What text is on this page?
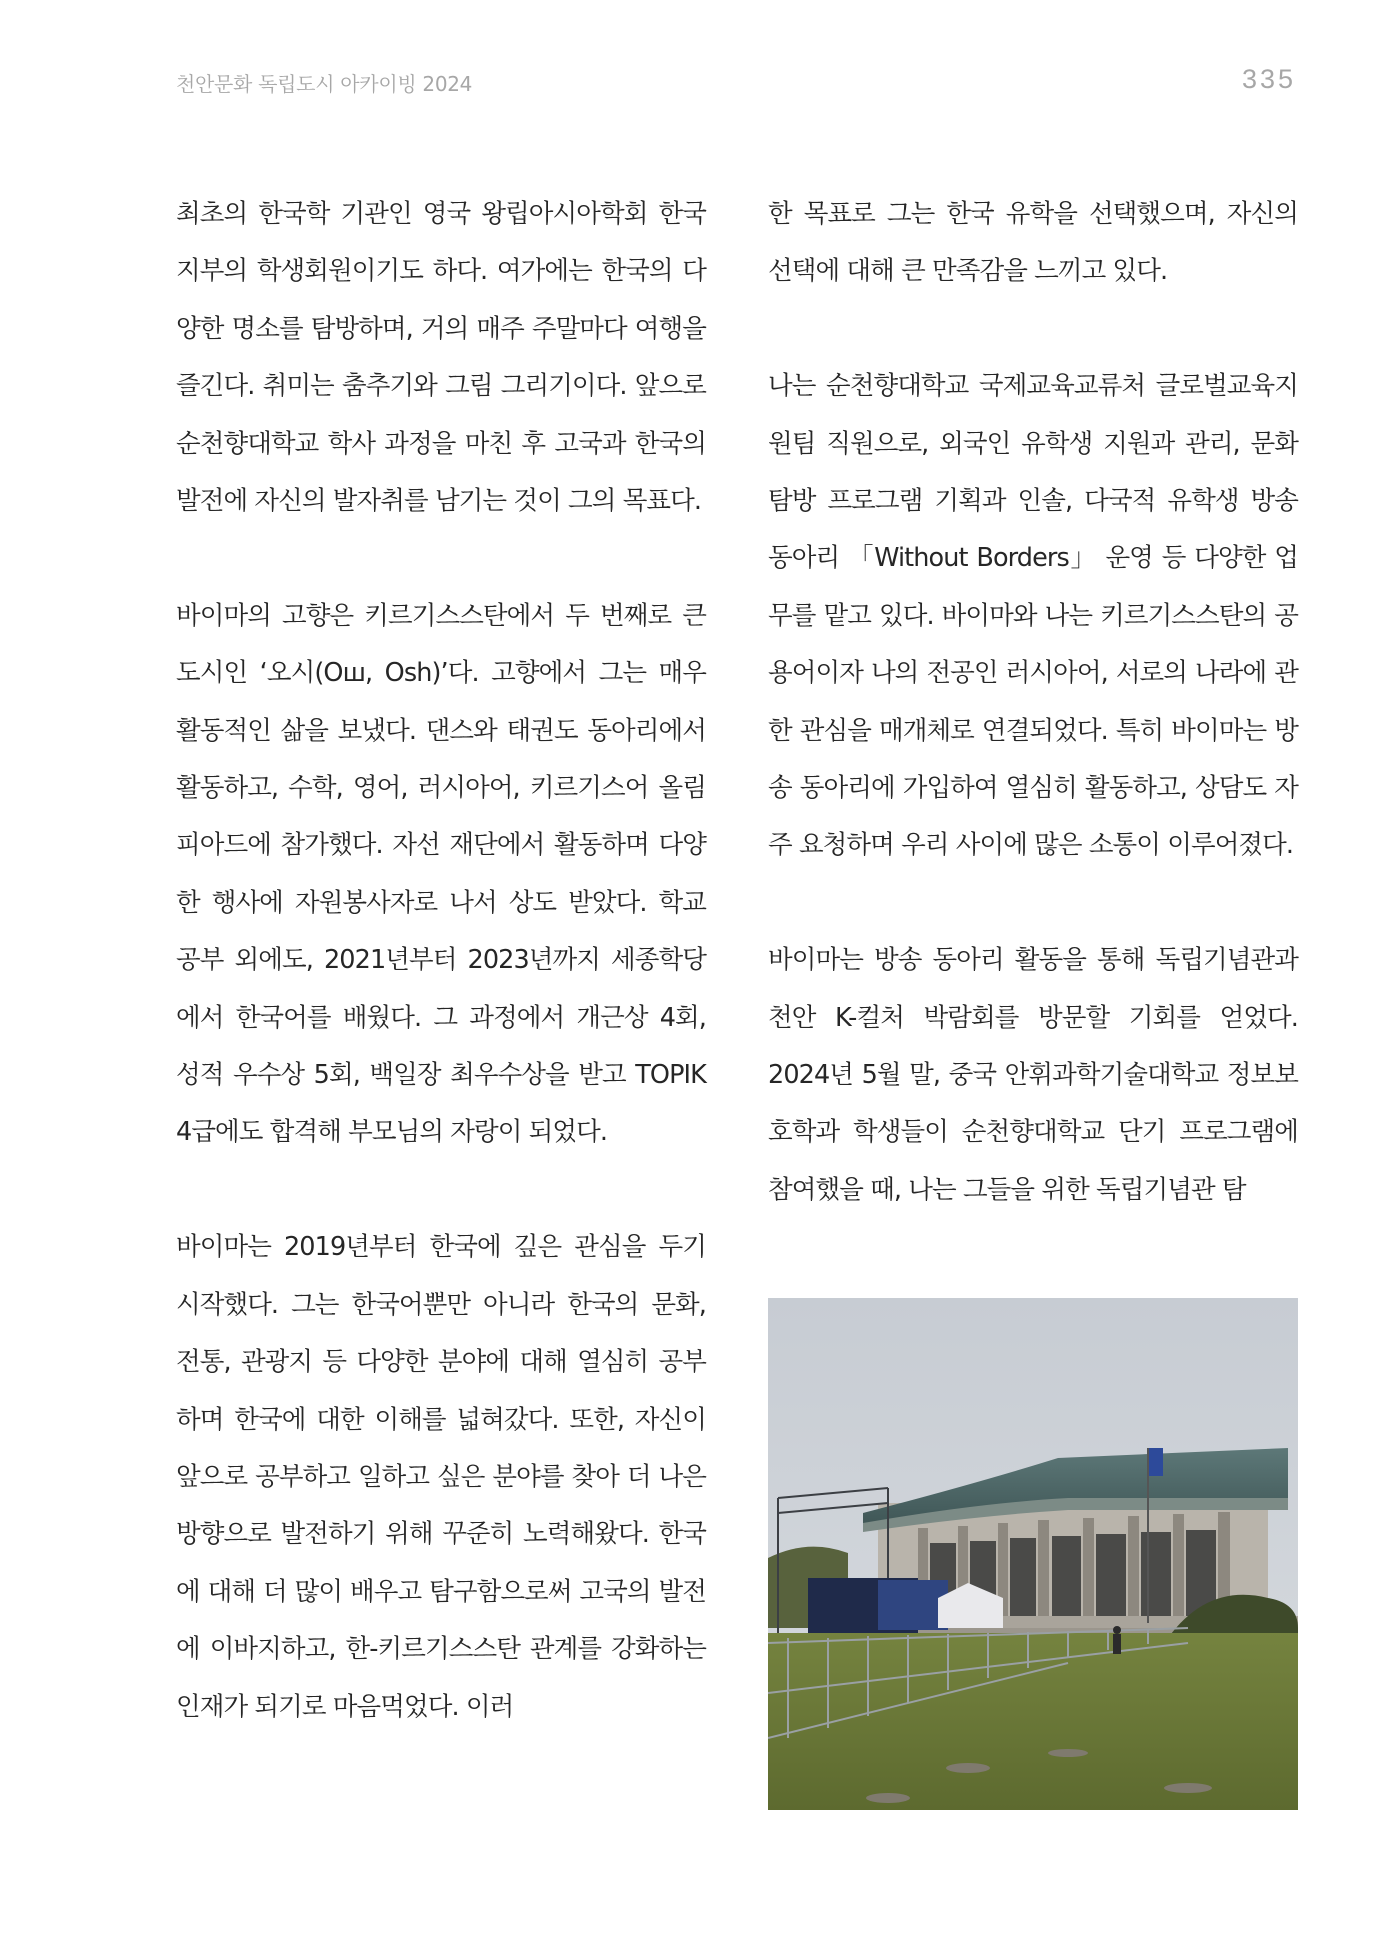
천안문화 독립도시 아카이빙 2024	335

최초의 한국학 기관인 영국 왕립아시아학회 한국지부의 학생회원이기도 하다. 여가에는 한국의 다양한 명소를 탐방하며, 거의 매주 주말마다 여행을 즐긴다. 취미는 춤추기와 그림 그리기이다. 앞으로 순천향대학교 학사 과정을 마친 후 고국과 한국의 발전에 자신의 발자취를 남기는 것이 그의 목표다.

바이마의 고향은 키르기스스탄에서 두 번째로 큰 도시인 ‘오시(Ош, Osh)’다. 고향에서 그는 매우 활동적인 삶을 보냈다. 댄스와 태권도 동아리에서 활동하고, 수학, 영어, 러시아어, 키르기스어 올림피아드에 참가했다. 자선 재단에서 활동하며 다양한 행사에 자원봉사자로 나서 상도 받았다. 학교 공부 외에도, 2021년부터 2023년까지 세종학당에서 한국어를 배웠다. 그 과정에서 개근상 4회, 성적 우수상 5회, 백일장 최우수상을 받고 TOPIK 4급에도 합격해 부모님의 자랑이 되었다.

바이마는 2019년부터 한국에 깊은 관심을 두기 시작했다. 그는 한국어뿐만 아니라 한국의 문화, 전통, 관광지 등 다양한 분야에 대해 열심히 공부하며 한국에 대한 이해를 넓혀갔다. 또한, 자신이 앞으로 공부하고 일하고 싶은 분야를 찾아 더 나은 방향으로 발전하기 위해 꾸준히 노력해왔다. 한국에 대해 더 많이 배우고 탐구함으로써 고국의 발전에 이바지하고, 한-키르기스스탄 관계를 강화하는 인재가 되기로 마음먹었다. 이러

한 목표로 그는 한국 유학을 선택했으며, 자신의 선택에 대해 큰 만족감을 느끼고 있다.

나는 순천향대학교 국제교육교류처 글로벌교육지원팀 직원으로, 외국인 유학생 지원과 관리, 문화 탐방 프로그램 기획과 인솔, 다국적 유학생 방송 동아리 「Without Borders」 운영 등 다양한 업무를 맡고 있다. 바이마와 나는 키르기스스탄의 공용어이자 나의 전공인 러시아어, 서로의 나라에 관한 관심을 매개체로 연결되었다. 특히 바이마는 방송 동아리에 가입하여 열심히 활동하고, 상담도 자주 요청하며 우리 사이에 많은 소통이 이루어졌다.

바이마는 방송 동아리 활동을 통해 독립기념관과 천안 K-컬처 박람회를 방문할 기회를 얻었다. 2024년 5월 말, 중국 안휘과학기술대학교 정보보호학과 학생들이 순천향대학교 단기 프로그램에 참여했을 때, 나는 그들을 위한 독립기념관 탐
